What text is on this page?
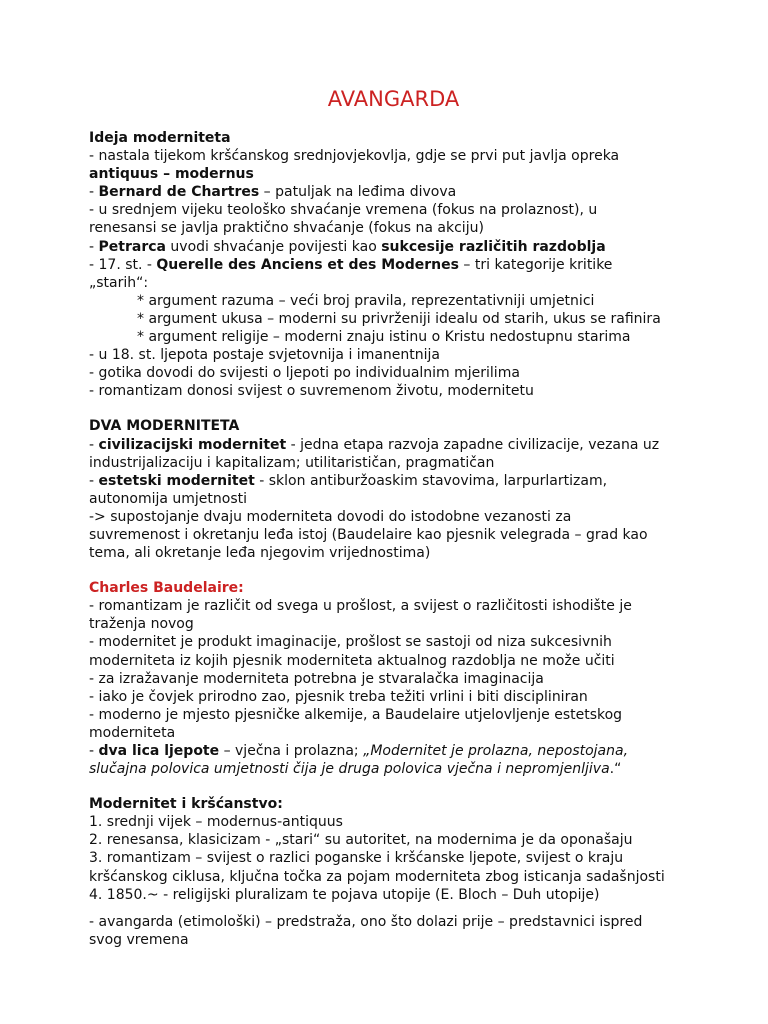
AVANGARDA
Ideja moderniteta
- nastala tijekom kršćanskog srednjovjekovlja, gdje se prvi put javlja opreka
antiquus – modernus
- Bernard de Chartres – patuljak na leđima divova
- u srednjem vijeku teološko shvaćanje vremena (fokus na prolaznost), u
renesansi se javlja praktično shvaćanje (fokus na akciju)
- Petrarca uvodi shvaćanje povijesti kao sukcesije različitih razdoblja
- 17. st. - Querelle des Anciens et des Modernes – tri kategorije kritike
„starih“:
* argument razuma – veći broj pravila, reprezentativniji umjetnici
* argument ukusa – moderni su privrženiji idealu od starih, ukus se rafinira
* argument religije – moderni znaju istinu o Kristu nedostupnu starima
- u 18. st. ljepota postaje svjetovnija i imanentnija
- gotika dovodi do svijesti o ljepoti po individualnim mjerilima
- romantizam donosi svijest o suvremenom životu, modernitetu
DVA MODERNITETA
- civilizacijski modernitet - jedna etapa razvoja zapadne civilizacije, vezana uz
industrijalizaciju i kapitalizam; utilitarističan, pragmatičan
- estetski modernitet - sklon antiburžoaskim stavovima, larpurlartizam,
autonomija umjetnosti
-> supostojanje dvaju moderniteta dovodi do istodobne vezanosti za
suvremenost i okretanju leđa istoj (Baudelaire kao pjesnik velegrada – grad kao
tema, ali okretanje leđa njegovim vrijednostima)
Charles Baudelaire:
- romantizam je različit od svega u prošlost, a svijest o različitosti ishodište je
traženja novog
- modernitet je produkt imaginacije, prošlost se sastoji od niza sukcesivnih
moderniteta iz kojih pjesnik moderniteta aktualnog razdoblja ne može učiti
- za izražavanje moderniteta potrebna je stvaralačka imaginacija
- iako je čovjek prirodno zao, pjesnik treba težiti vrlini i biti discipliniran
- moderno je mjesto pjesničke alkemije, a Baudelaire utjelovljenje estetskog
moderniteta
- dva lica ljepote – vječna i prolazna; „Modernitet je prolazna, nepostojana,
slučajna polovica umjetnosti čija je druga polovica vječna i nepromjenljiva.“
Modernitet i kršćanstvo:
1. srednji vijek – modernus-antiquus
2. renesansa, klasicizam - „stari“ su autoritet, na modernima je da oponašaju
3. romantizam – svijest o razlici poganske i kršćanske ljepote, svijest o kraju
kršćanskog ciklusa, ključna točka za pojam moderniteta zbog isticanja sadašnjosti
4. 1850.~ - religijski pluralizam te pojava utopije (E. Bloch – Duh utopije)
- avangarda (etimološki) – predstraža, ono što dolazi prije – predstavnici ispred
svog vremena
